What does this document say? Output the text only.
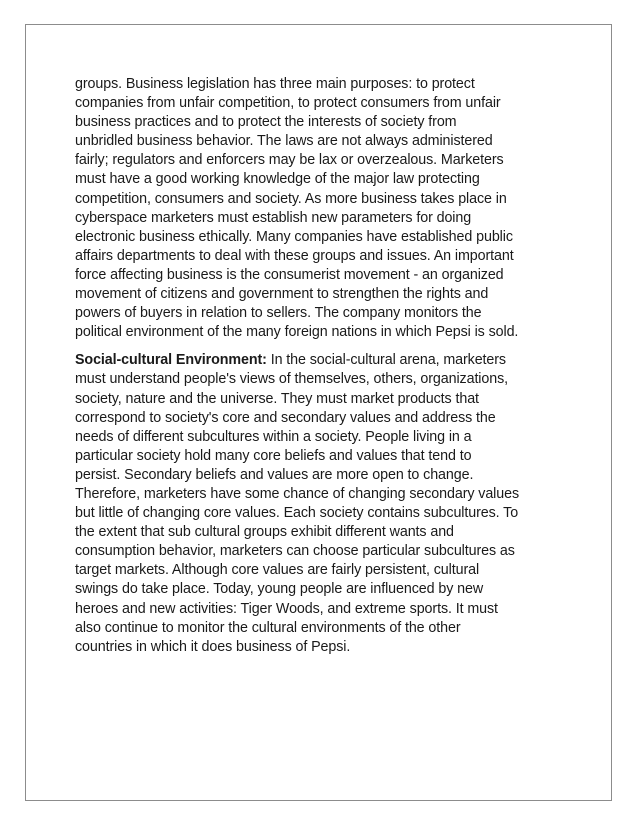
groups. Business legislation has three main purposes: to protect
companies from unfair competition, to protect consumers from unfair
business practices and to protect the interests of society from
unbridled business behavior. The laws are not always administered
fairly; regulators and enforcers may be lax or overzealous. Marketers
must have a good working knowledge of the major law protecting
competition, consumers and society. As more business takes place in
cyberspace marketers must establish new parameters for doing
electronic business ethically. Many companies have established public
affairs departments to deal with these groups and issues. An important
force affecting business is the consumerist movement - an organized
movement of citizens and government to strengthen the rights and
powers of buyers in relation to sellers. The company monitors the
political environment of the many foreign nations in which Pepsi is sold.

Social-cultural Environment: In the social-cultural arena, marketers
must understand people's views of themselves, others, organizations,
society, nature and the universe. They must market products that
correspond to society's core and secondary values and address the
needs of different subcultures within a society. People living in a
particular society hold many core beliefs and values that tend to
persist. Secondary beliefs and values are more open to change.
Therefore, marketers have some chance of changing secondary values
but little of changing core values. Each society contains subcultures. To
the extent that sub cultural groups exhibit different wants and
consumption behavior, marketers can choose particular subcultures as
target markets. Although core values are fairly persistent, cultural
swings do take place. Today, young people are influenced by new
heroes and new activities: Tiger Woods, and extreme sports. It must
also continue to monitor the cultural environments of the other
countries in which it does business of Pepsi.
